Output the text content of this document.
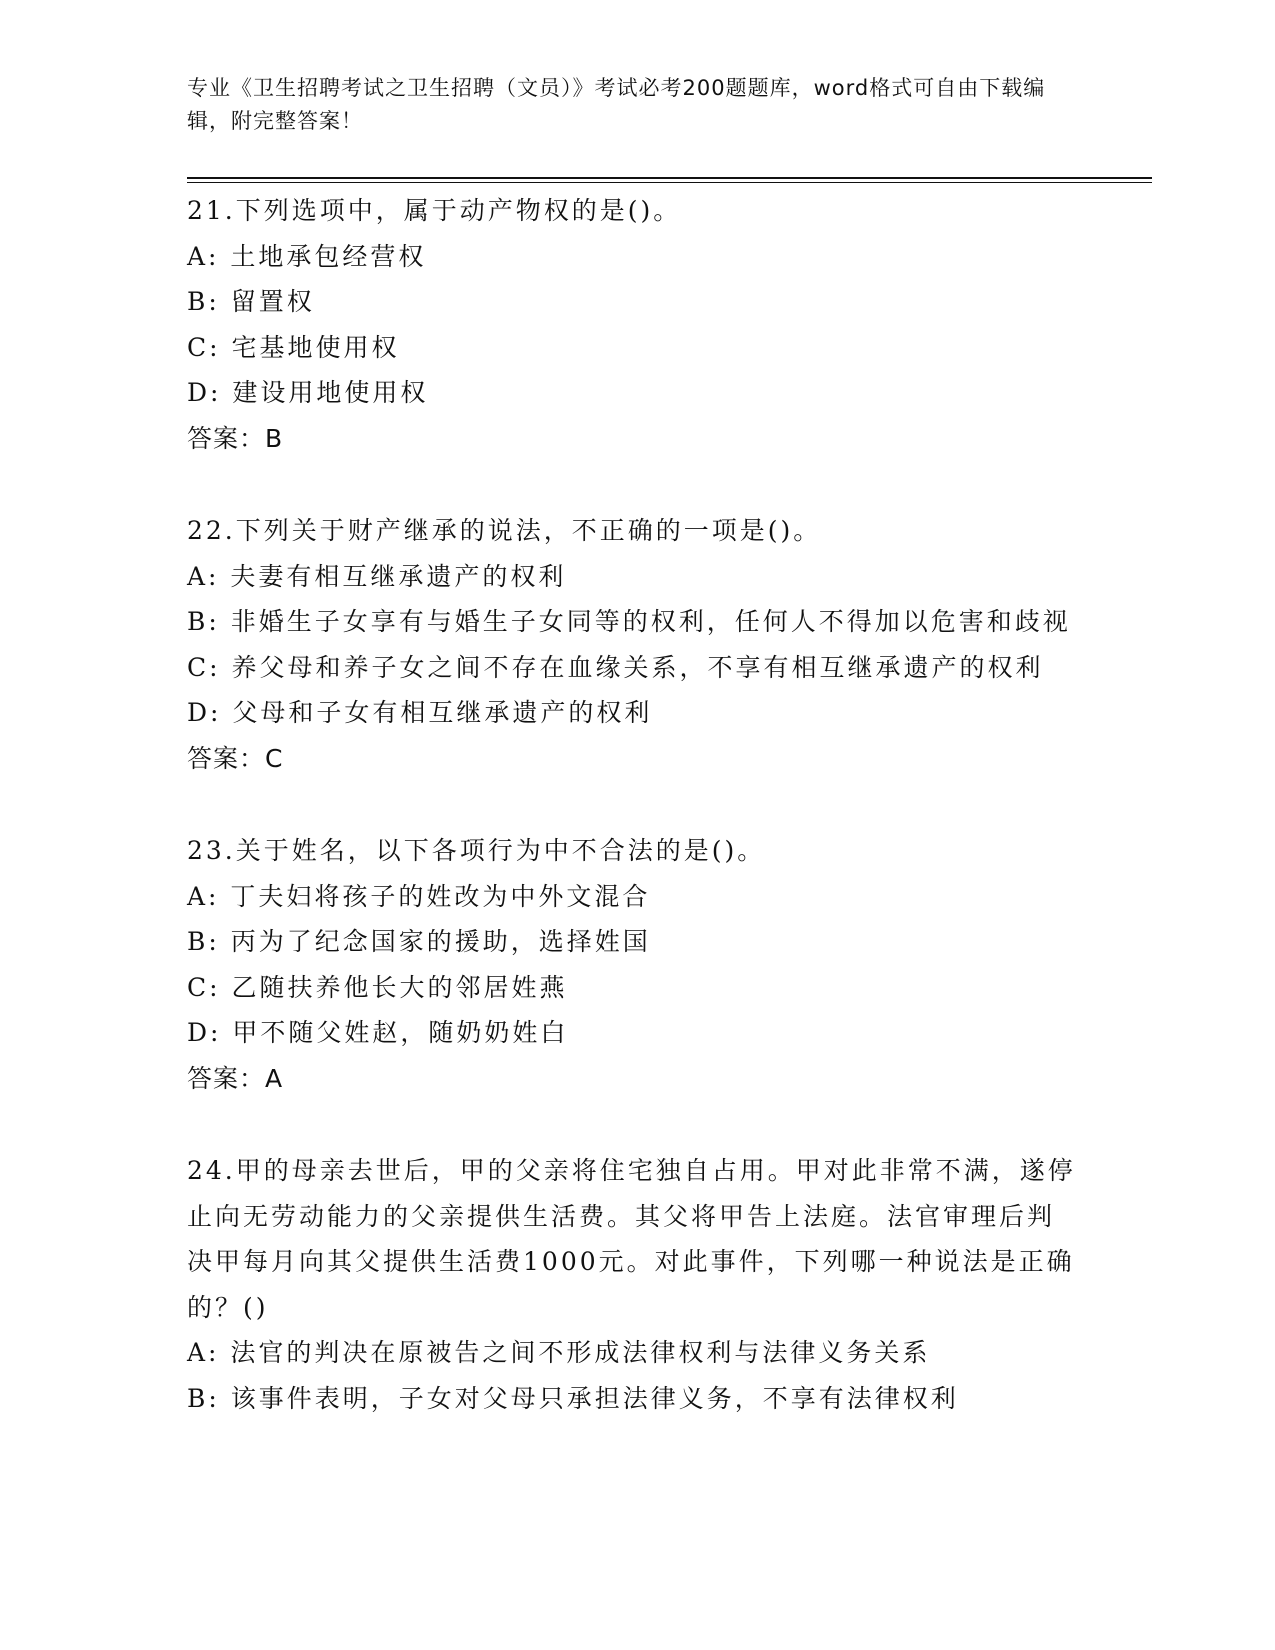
专业《卫生招聘考试之卫生招聘（文员）》考试必考200题题库，word格式可自由下载编辑，附完整答案！

21.下列选项中，属于动产物权的是()。

A: 土地承包经营权

B: 留置权

C: 宅基地使用权

D: 建设用地使用权

答案：B

22.下列关于财产继承的说法，不正确的一项是()。

A: 夫妻有相互继承遗产的权利

B: 非婚生子女享有与婚生子女同等的权利，任何人不得加以危害和歧视

C: 养父母和养子女之间不存在血缘关系，不享有相互继承遗产的权利

D: 父母和子女有相互继承遗产的权利

答案：C

23.关于姓名，以下各项行为中不合法的是()。

A: 丁夫妇将孩子的姓改为中外文混合

B: 丙为了纪念国家的援助，选择姓国

C: 乙随扶养他长大的邻居姓燕

D: 甲不随父姓赵，随奶奶姓白

答案：A

24.甲的母亲去世后，甲的父亲将住宅独自占用。甲对此非常不满，遂停止向无劳动能力的父亲提供生活费。其父将甲告上法庭。法官审理后判决甲每月向其父提供生活费1000元。对此事件，下列哪一种说法是正确的？()

A: 法官的判决在原被告之间不形成法律权利与法律义务关系

B: 该事件表明，子女对父母只承担法律义务，不享有法律权利
